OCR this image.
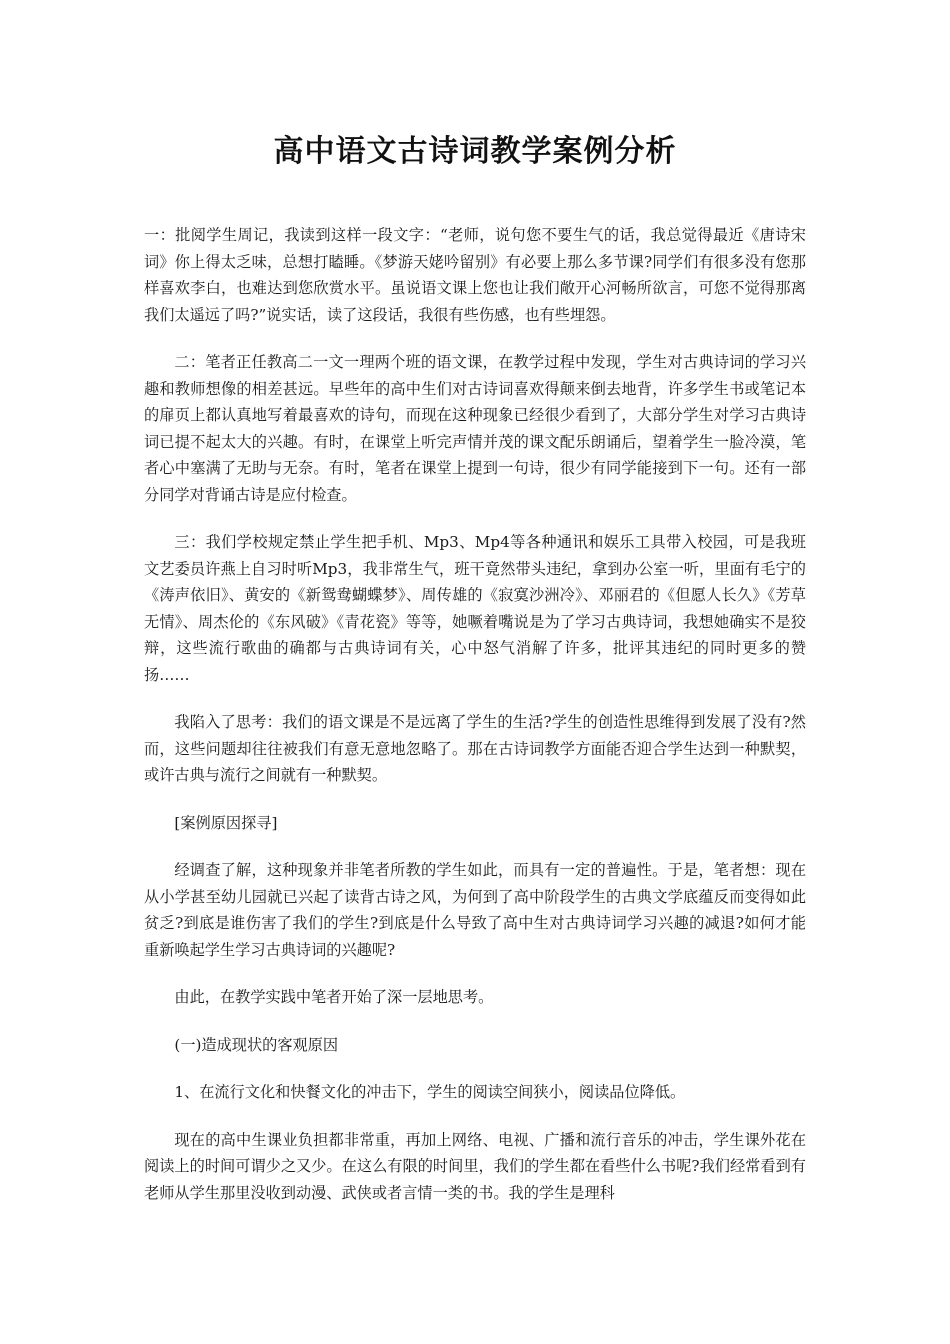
高中语文古诗词教学案例分析

一：批阅学生周记，我读到这样一段文字：“老师，说句您不要生气的话，我总觉得最近《唐诗宋词》你上得太乏味，总想打瞌睡。《梦游天姥吟留别》有必要上那么多节课?同学们有很多没有您那样喜欢李白，也难达到您欣赏水平。虽说语文课上您也让我们敞开心河畅所欲言，可您不觉得那离我们太遥远了吗?”说实话，读了这段话，我很有些伤感，也有些埋怨。

二：笔者正任教高二一文一理两个班的语文课，在教学过程中发现，学生对古典诗词的学习兴趣和教师想像的相差甚远。早些年的高中生们对古诗词喜欢得颠来倒去地背，许多学生书或笔记本的扉页上都认真地写着最喜欢的诗句，而现在这种现象已经很少看到了，大部分学生对学习古典诗词已提不起太大的兴趣。有时，在课堂上听完声情并茂的课文配乐朗诵后，望着学生一脸冷漠，笔者心中塞满了无助与无奈。有时，笔者在课堂上提到一句诗，很少有同学能接到下一句。还有一部分同学对背诵古诗是应付检查。

三：我们学校规定禁止学生把手机、Mp3、Mp4等各种通讯和娱乐工具带入校园，可是我班文艺委员许燕上自习时听Mp3，我非常生气，班干竟然带头违纪，拿到办公室一听，里面有毛宁的《涛声依旧》、黄安的《新鸳鸯蝴蝶梦》、周传雄的《寂寞沙洲冷》、邓丽君的《但愿人长久》《芳草无情》、周杰伦的《东风破》《青花瓷》等等，她噘着嘴说是为了学习古典诗词，我想她确实不是狡辩，这些流行歌曲的确都与古典诗词有关，心中怒气消解了许多，批评其违纪的同时更多的赞扬……

我陷入了思考：我们的语文课是不是远离了学生的生活?学生的创造性思维得到发展了没有?然而，这些问题却往往被我们有意无意地忽略了。那在古诗词教学方面能否迎合学生达到一种默契，或许古典与流行之间就有一种默契。

[案例原因探寻]

经调查了解，这种现象并非笔者所教的学生如此，而具有一定的普遍性。于是，笔者想：现在从小学甚至幼儿园就已兴起了读背古诗之风，为何到了高中阶段学生的古典文学底蕴反而变得如此贫乏?到底是谁伤害了我们的学生?到底是什么导致了高中生对古典诗词学习兴趣的减退?如何才能重新唤起学生学习古典诗词的兴趣呢?

由此，在教学实践中笔者开始了深一层地思考。

(一)造成现状的客观原因

1、在流行文化和快餐文化的冲击下，学生的阅读空间狭小，阅读品位降低。

现在的高中生课业负担都非常重，再加上网络、电视、广播和流行音乐的冲击，学生课外花在阅读上的时间可谓少之又少。在这么有限的时间里，我们的学生都在看些什么书呢?我们经常看到有老师从学生那里没收到动漫、武侠或者言情一类的书。我的学生是理科
